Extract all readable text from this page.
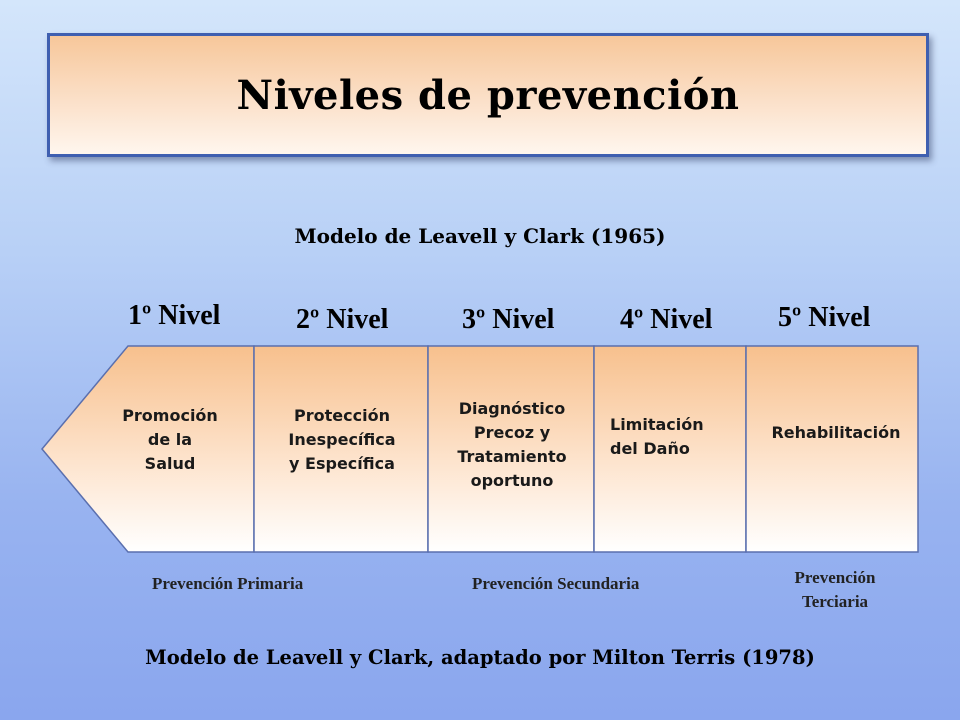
Niveles de prevención
Modelo de Leavell y Clark (1965)
1º Nivel	2º Nivel	3º Nivel 4º Nivel 5º Nivel
Promoción
de la
Salud
Protección
Inespecífica
y Específica
Diagnóstico
Precoz y
Tratamiento
oportuno
Limitación
del Daño
Rehabilitación
Prevención Primaria	Prevención Secundaria	Prevención
Terciaria
Modelo de Leavell y Clark, adaptado por Milton Terris (1978)
